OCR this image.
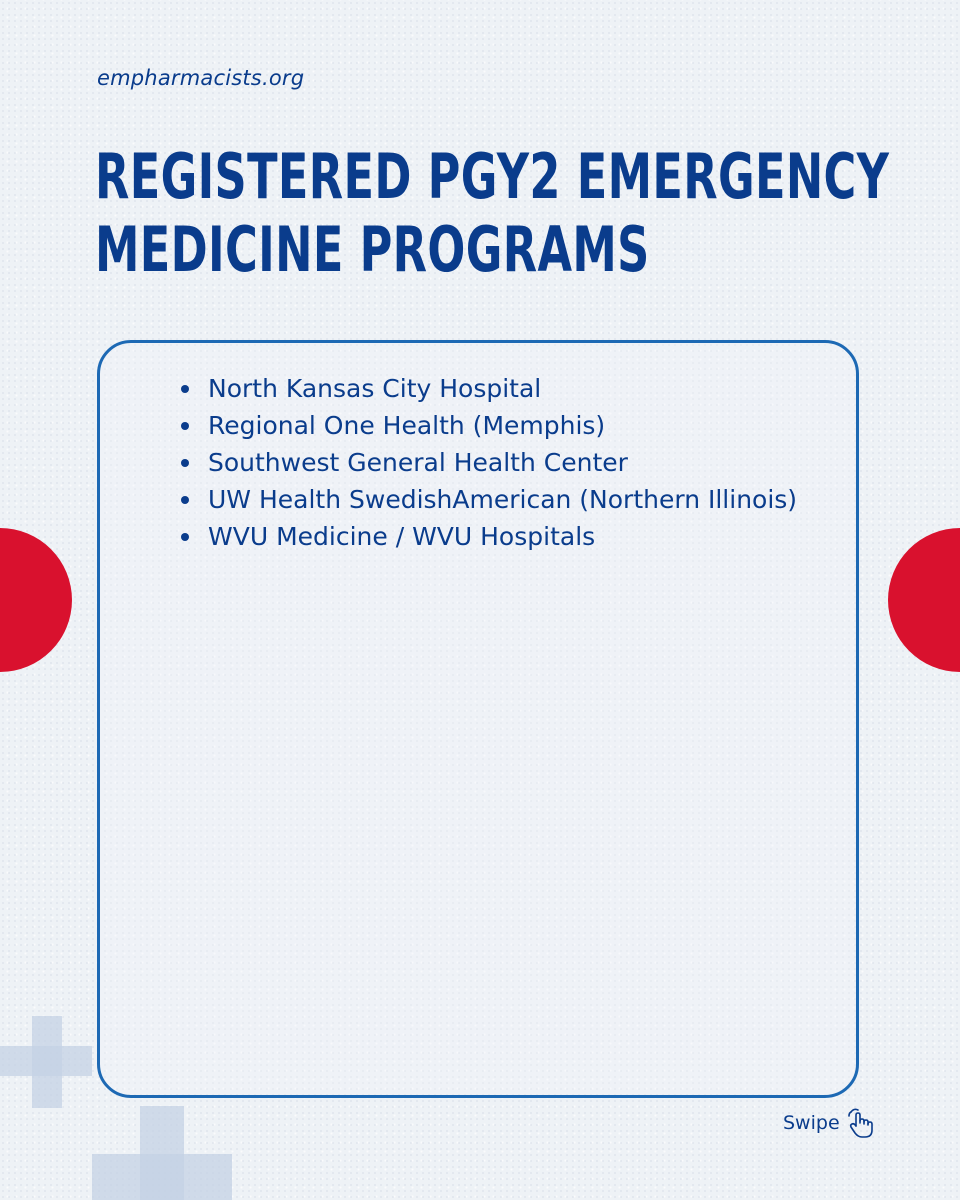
empharmacists.org
REGISTERED PGY2 EMERGENCY
MEDICINE PROGRAMS
North Kansas City Hospital
Regional One Health (Memphis)
Southwest General Health Center
UW Health SwedishAmerican (Northern Illinois)
WVU Medicine / WVU Hospitals
Swipe
